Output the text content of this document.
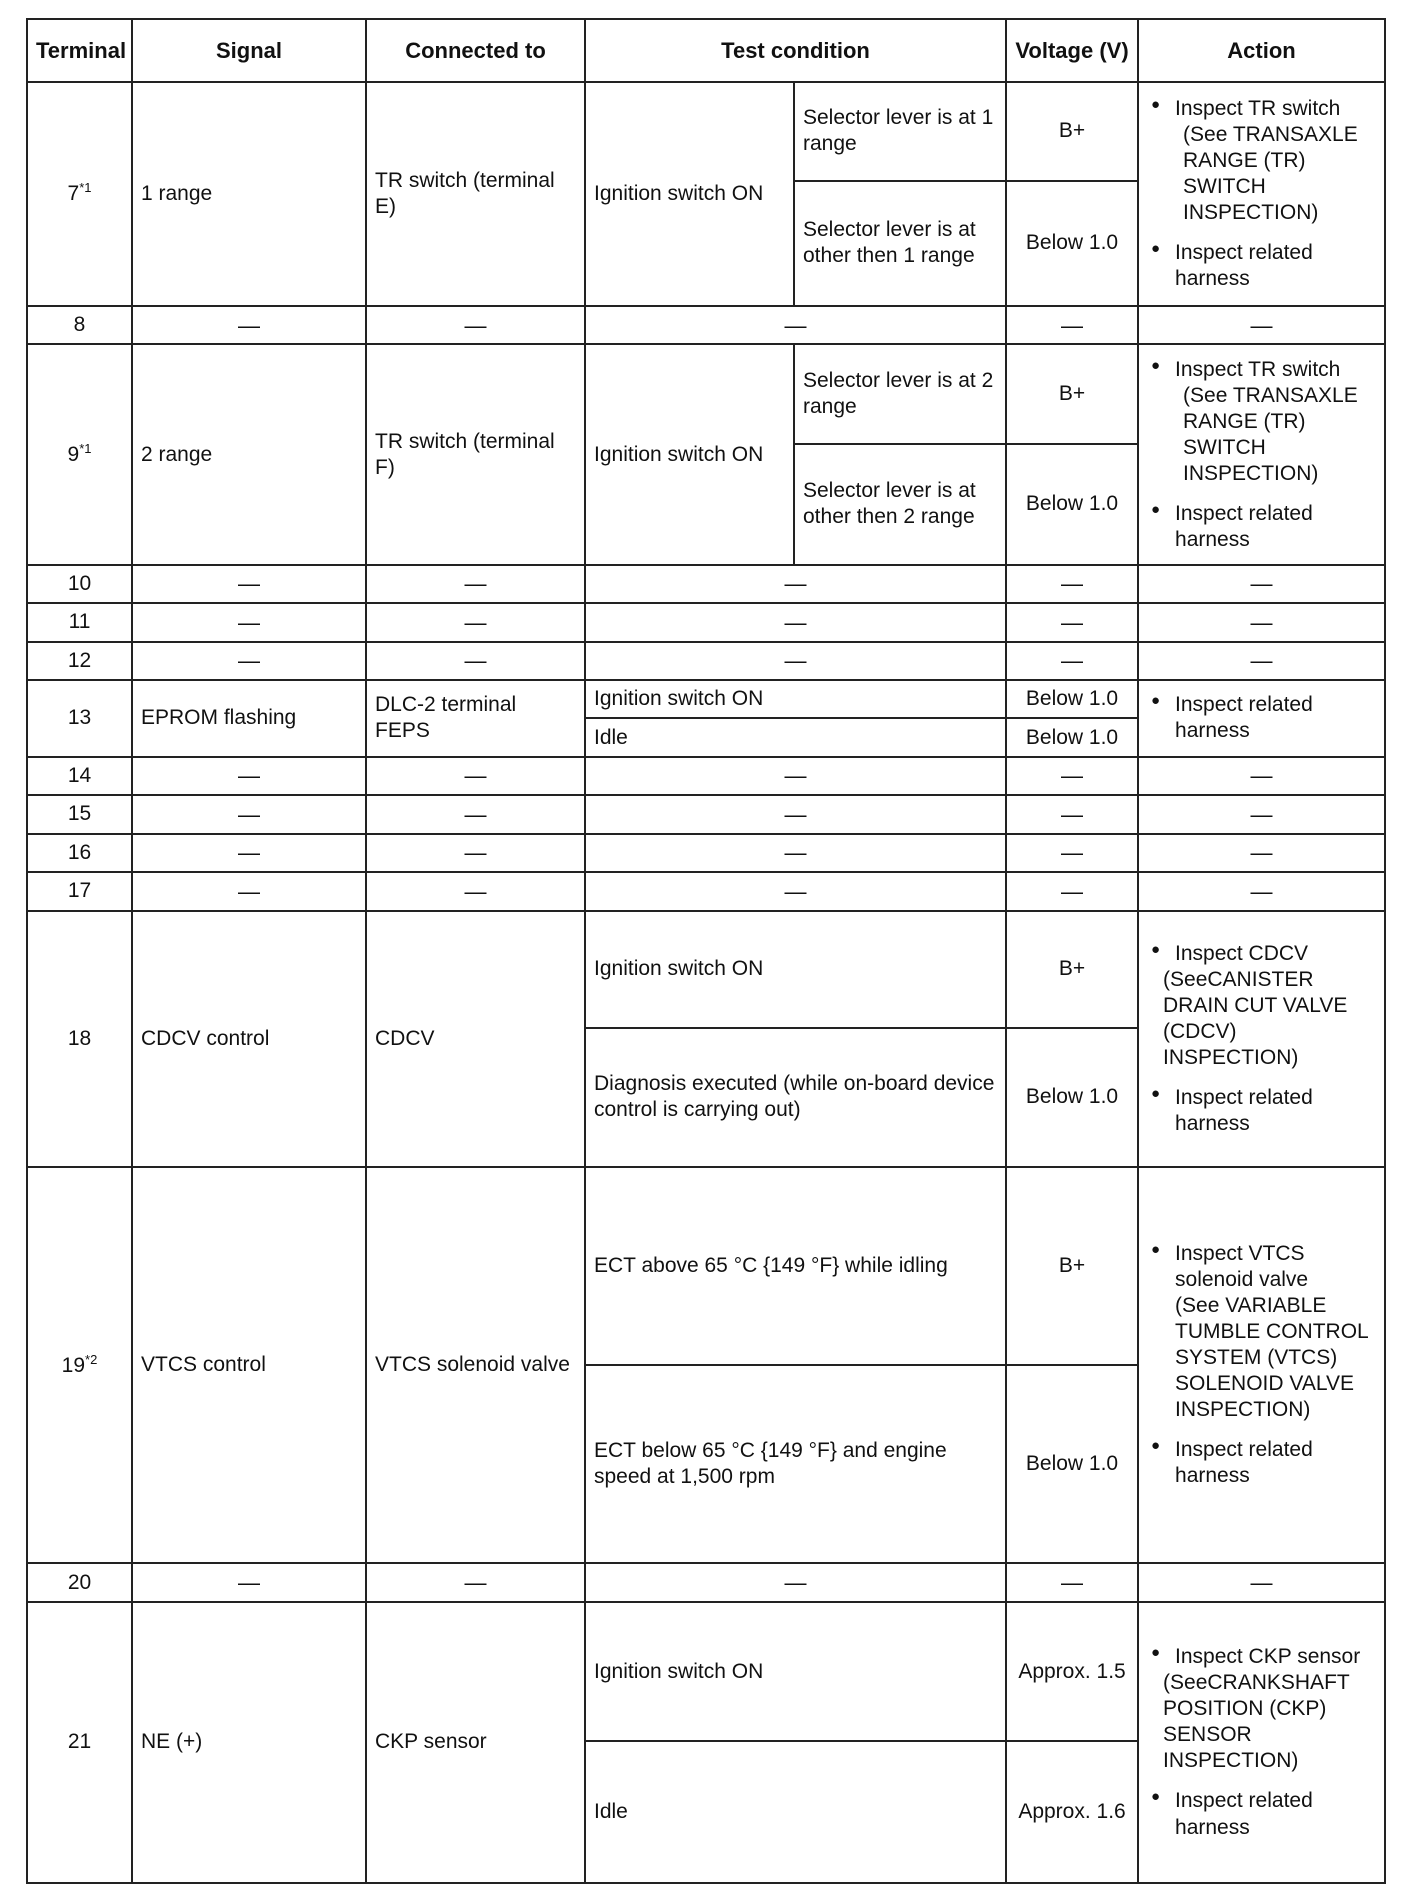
Terminal	Signal	Connected to	Test condition		Voltage (V)	Action
7$^{*1}$	1 range	TR switch (terminal E)	Ignition switch ON	Selector lever is at 1 range	B+	● Inspect TR switch
(See TRANSAXLE RANGE (TR) SWITCH INSPECTION)
● Inspect related harness

				Selector lever is at other then 1 range	Below 1.0	
8	—	—	—		—	—
9$^{*1}$	2 range	TR switch (terminal F)	Ignition switch ON	Selector lever is at 2 range	B+	● Inspect TR switch
(See TRANSAXLE RANGE (TR) SWITCH INSPECTION)
● Inspect related harness

				Selector lever is at other then 2 range	Below 1.0	
10	—	—	—		—	—
11	—	—	—		—	—
12	—	—	—		—	—
13	EPROM flashing	DLC-2 terminal FEPS	Ignition switch ON		Below 1.0	● Inspect related harness

			Idle		Below 1.0	
14	—	—	—		—	—
15	—	—	—		—	—
16	—	—	—		—	—
17	—	—	—		—	—
18	CDCV control	CDCV	Ignition switch ON		B+	● Inspect CDCV
(SeeCANISTER DRAIN CUT VALVE (CDCV) INSPECTION)
● Inspect related harness

			Diagnosis executed (while on-board device control is carrying out)		Below 1.0	
19$^{*2}$	VTCS control	VTCS solenoid valve	ECT above 65 °C {149 °F} while idling		B+	● Inspect VTCS solenoid valve
(See VARIABLE TUMBLE CONTROL SYSTEM (VTCS) SOLENOID VALVE INSPECTION)
● Inspect related harness

			ECT below 65 °C {149 °F} and engine speed at 1,500 rpm		Below 1.0	
20	—	—	—		—	—
21	NE (+)	CKP sensor	Ignition switch ON		Approx. 1.5	● Inspect CKP sensor
(SeeCRANKSHAFT POSITION (CKP) SENSOR INSPECTION)
● Inspect related harness

			Idle		Approx. 1.6	
